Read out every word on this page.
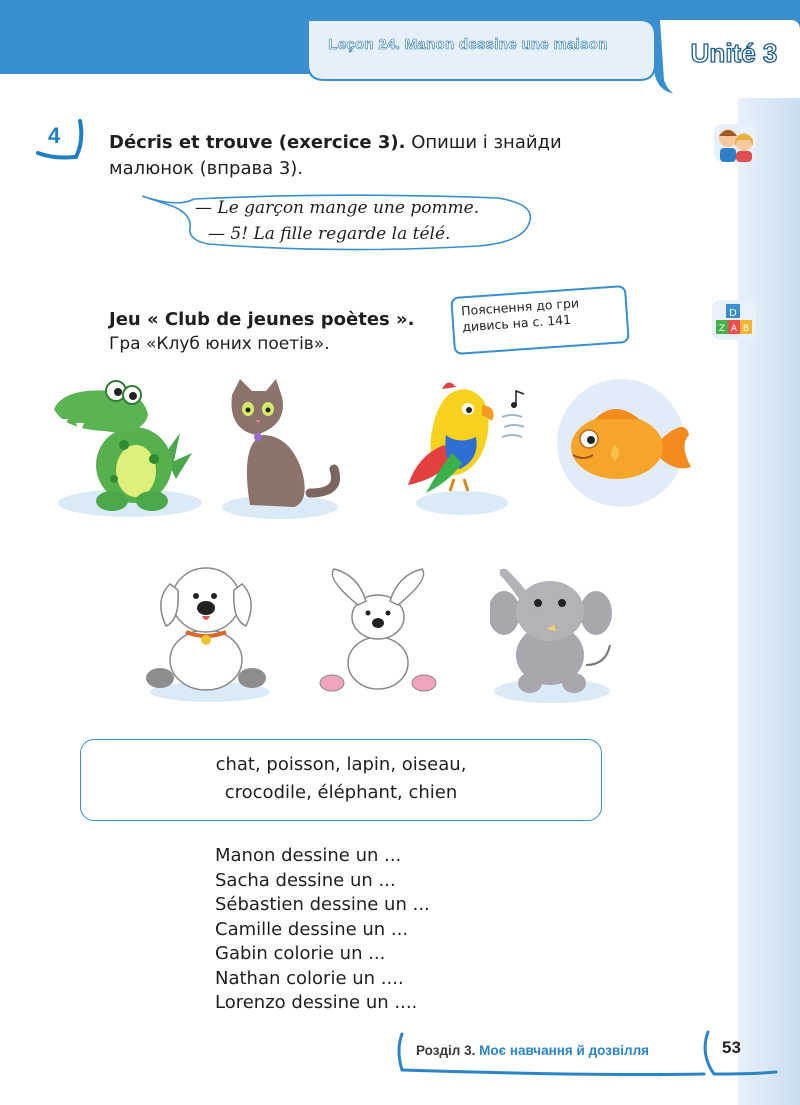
Leçon 24. Manon dessine une maison	Unité 3
4	Décris et trouve (exercice 3). Опиши і знайди
малюнок (вправа 3).
— Le garçon mange une pomme.
— 5! La fille regarde la télé.
Jeu « Club de jeunes poètes ».
Гра «Клуб юних поетів».
Пояснення до гри
дивись на с. 141	D
Z A B
chat, poisson, lapin, oiseau,
crocodile, éléphant, chien
Manon dessine un ...
Sacha dessine un ...
Sébastien dessine un ...
Camille dessine un ...
Gabin colorie un ...
Nathan colorie un ....
Lorenzo dessine un ....
Розділ 3. Моє навчання й дозвілля	53
